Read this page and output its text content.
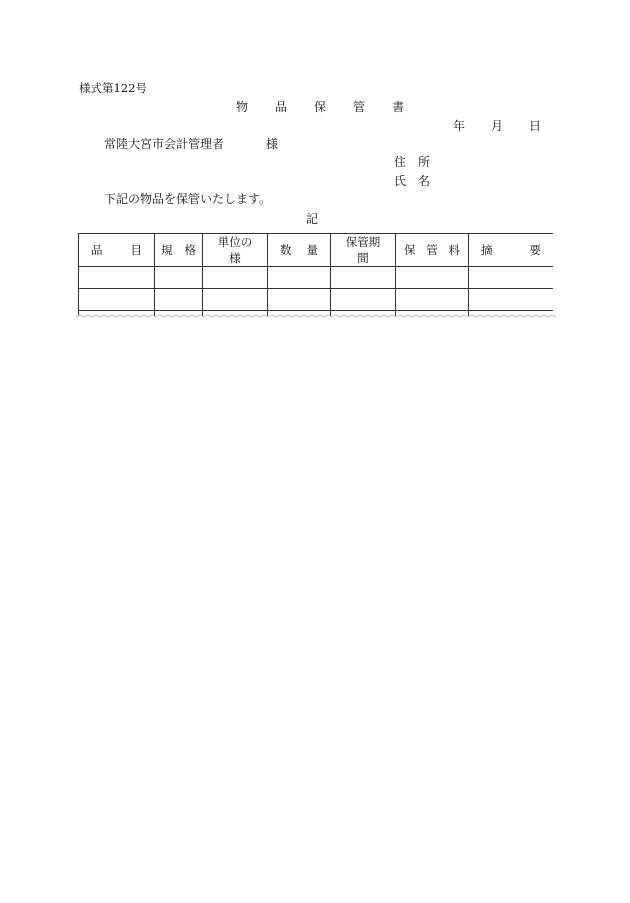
様式第122号
物 品 保 管 書
年 月 日
常陸大宮市会計管理者	様
住 所
氏 名
下記の物品を保管いたします。
記
品 目	規 格	単位の様	数 量	保管期間	保 管 料	摘 要
